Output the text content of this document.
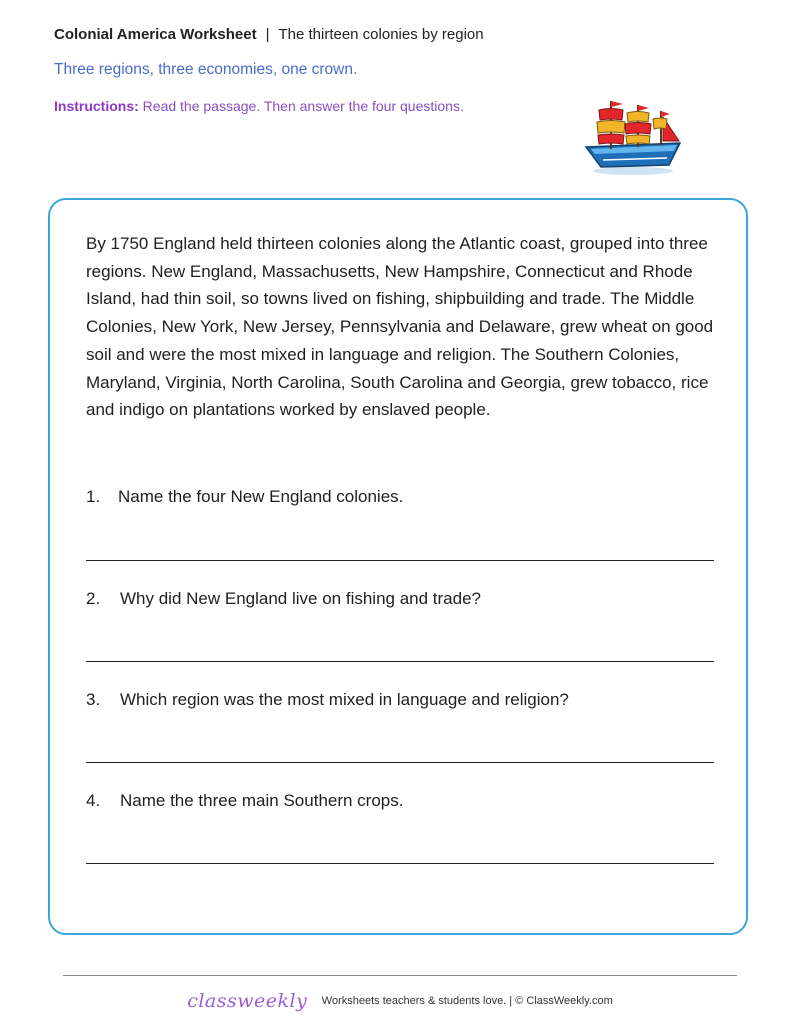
Colonial America Worksheet | The thirteen colonies by region
Three regions, three economies, one crown.
Instructions: Read the passage. Then answer the four questions.
By 1750 England held thirteen colonies along the Atlantic coast, grouped into three regions. New England, Massachusetts, New Hampshire, Connecticut and Rhode Island, had thin soil, so towns lived on fishing, shipbuilding and trade. The Middle Colonies, New York, New Jersey, Pennsylvania and Delaware, grew wheat on good soil and were the most mixed in language and religion. The Southern Colonies, Maryland, Virginia, North Carolina, South Carolina and Georgia, grew tobacco, rice and indigo on plantations worked by enslaved people.
1. Name the four New England colonies.
2. Why did New England live on fishing and trade?
3. Which region was the most mixed in language and religion?
4. Name the three main Southern crops.
classweekly Worksheets teachers & students love. | © ClassWeekly.com
